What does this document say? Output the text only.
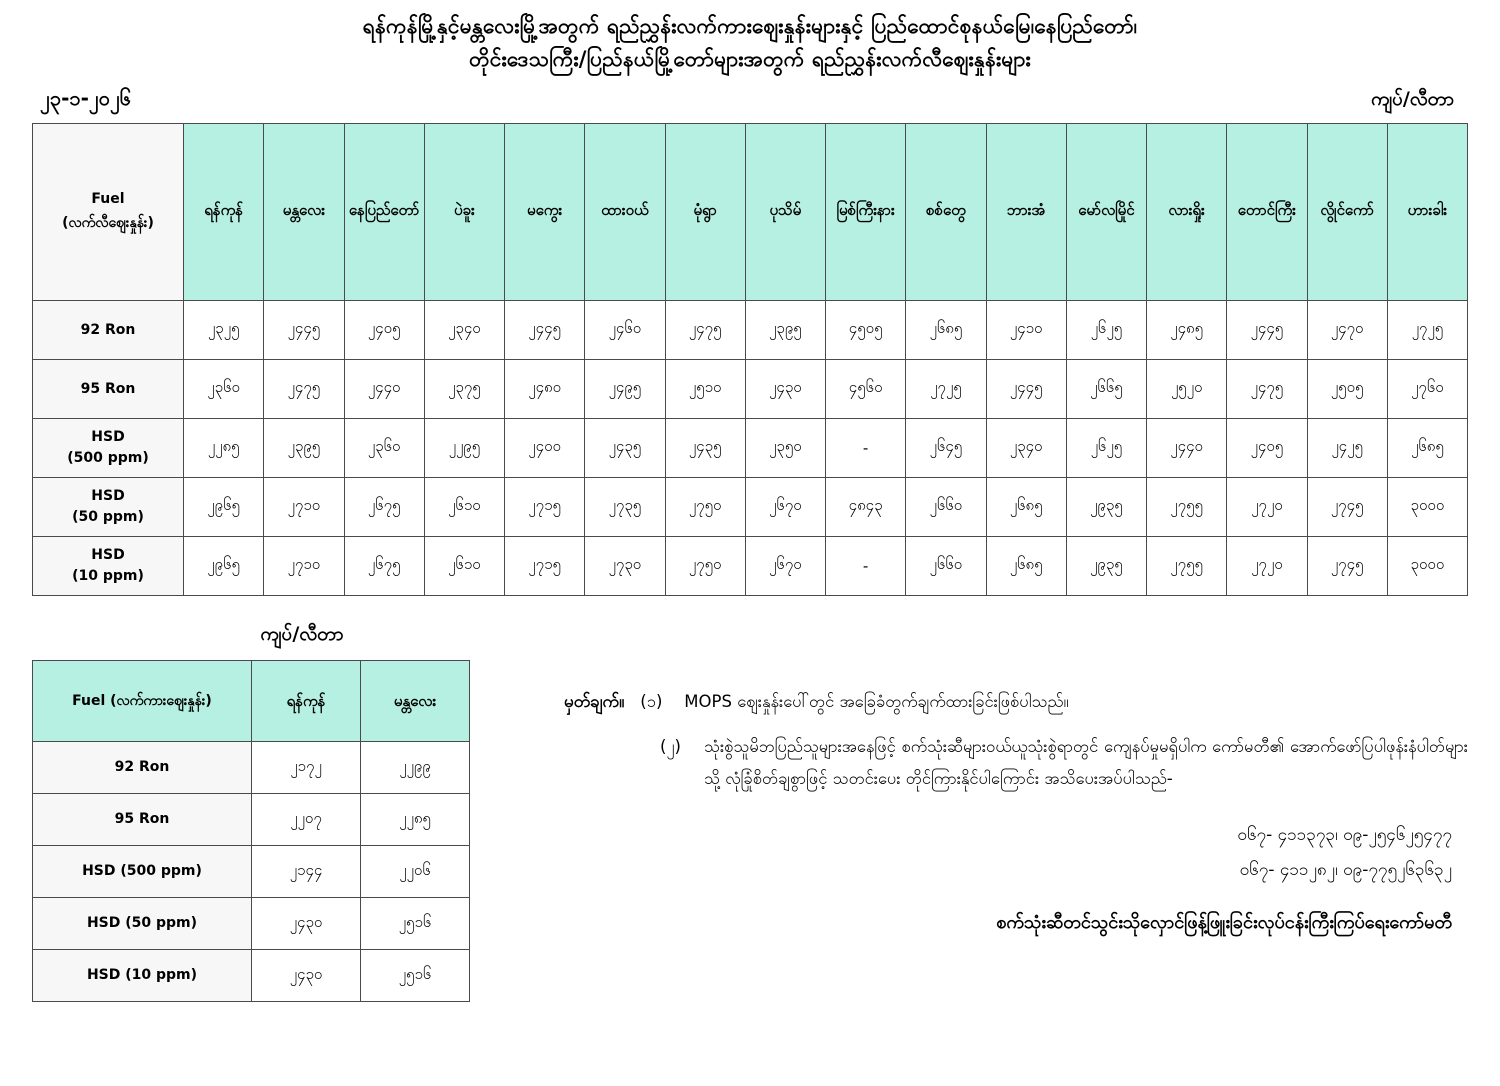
ရန်ကုန်မြို့နှင့်မန္တလေးမြို့အတွက် ရည်ညွှန်းလက်ကားဈေးနှုန်းများနှင့် ပြည်ထောင်စုနယ်မြေ၊နေပြည်တော်၊
တိုင်းဒေသကြီး/ပြည်နယ်မြို့တော်များအတွက် ရည်ညွှန်းလက်လီဈေးနှုန်းများ
၂၃-၁-၂၀၂၆	ကျပ်/လီတာ
Fuel
(လက်လီဈေးနှုန်း)	ရန်ကုန်	မန္တလေး	နေပြည်တော်	ပဲခူး	မကွေး	ထားဝယ်	မုံရွာ	ပုသိမ်	မြစ်ကြီးနား	စစ်တွေ	ဘားအံ	မော်လမြိုင်	လားရှိုး	တောင်ကြီး	လွိုင်ကော်	ဟားခါး

92 Ron	၂၃၂၅	၂၄၄၅	၂၄၀၅	၂၃၄၀	၂၄၄၅	၂၄၆၀	၂၄၇၅	၂၃၉၅	၄၅၀၅	၂၆၈၅	၂၄၁၀	၂၆၂၅	၂၄၈၅	၂၄၄၅	၂၄၇၀	၂၇၂၅

95 Ron	၂၃၆၀	၂၄၇၅	၂၄၄၀	၂၃၇၅	၂၄၈၀	၂၄၉၅	၂၅၁၀	၂၄၃၀	၄၅၆၀	၂၇၂၅	၂၄၄၅	၂၆၆၅	၂၅၂၀	၂၄၇၅	၂၅၀၅	၂၇၆၀

HSD
(500 ppm)	၂၂၈၅	၂၃၉၅	၂၃၆၀	၂၂၉၅	၂၄၀၀	၂၄၃၅	၂၄၃၅	၂၃၅၀	-	၂၆၄၅	၂၃၄၀	၂၆၂၅	၂၄၄၀	၂၄၀၅	၂၄၂၅	၂၆၈၅

HSD
(50 ppm)	၂၉၆၅	၂၇၁၀	၂၆၇၅	၂၆၁၀	၂၇၁၅	၂၇၃၅	၂၇၅၀	၂၆၇၀	၄၈၄၃	၂၆၆၀	၂၆၈၅	၂၉၃၅	၂၇၅၅	၂၇၂၀	၂၇၄၅	၃၀၀၀

HSD
(10 ppm)	၂၉၆၅	၂၇၁၀	၂၆၇၅	၂၆၁၀	၂၇၁၅	၂၇၃၀	၂၇၅၀	၂၆၇၀	-	၂၆၆၀	၂၆၈၅	၂၉၃၅	၂၇၅၅	၂၇၂၀	၂၇၄၅	၃၀၀၀
ကျပ်/လီတာ
Fuel (လက်ကားဈေးနှုန်း)	ရန်ကုန်	မန္တလေး
92 Ron	၂၁၇၂	၂၂၉၉
95 Ron	၂၂၀၇	၂၂၈၅
HSD (500 ppm)	၂၁၄၄	၂၂၀၆
HSD (50 ppm)	၂၄၃၀	၂၅၁၆
HSD (10 ppm)	၂၄၃၀	၂၅၁၆
မှတ်ချက်။ (၁)	MOPS ဈေးနှုန်းပေါ်တွင် အခြေခံတွက်ချက်ထားခြင်းဖြစ်ပါသည်။
(၂)	သုံးစွဲသူမိဘပြည်သူများအနေဖြင့် စက်သုံးဆီများဝယ်ယူသုံးစွဲရာတွင် ကျေနပ်မှုမရှိပါက ကော်မတီ၏ အောက်ဖော်ပြပါဖုန်းနံပါတ်များသို့ လုံခြုံစိတ်ချစွာဖြင့် သတင်းပေး တိုင်ကြားနိုင်ပါကြောင်း အသိပေးအပ်ပါသည်-
၀၆၇- ၄၁၁၃၇၃၊ ၀၉-၂၅၄၆၂၅၄၇၇
၀၆၇- ၄၁၁၂၈၂၊ ၀၉-၇၇၅၂၆၃၆၃၂
စက်သုံးဆီတင်သွင်းသိုလှောင်ဖြန့်ဖြူးခြင်းလုပ်ငန်းကြီးကြပ်ရေးကော်မတီ
